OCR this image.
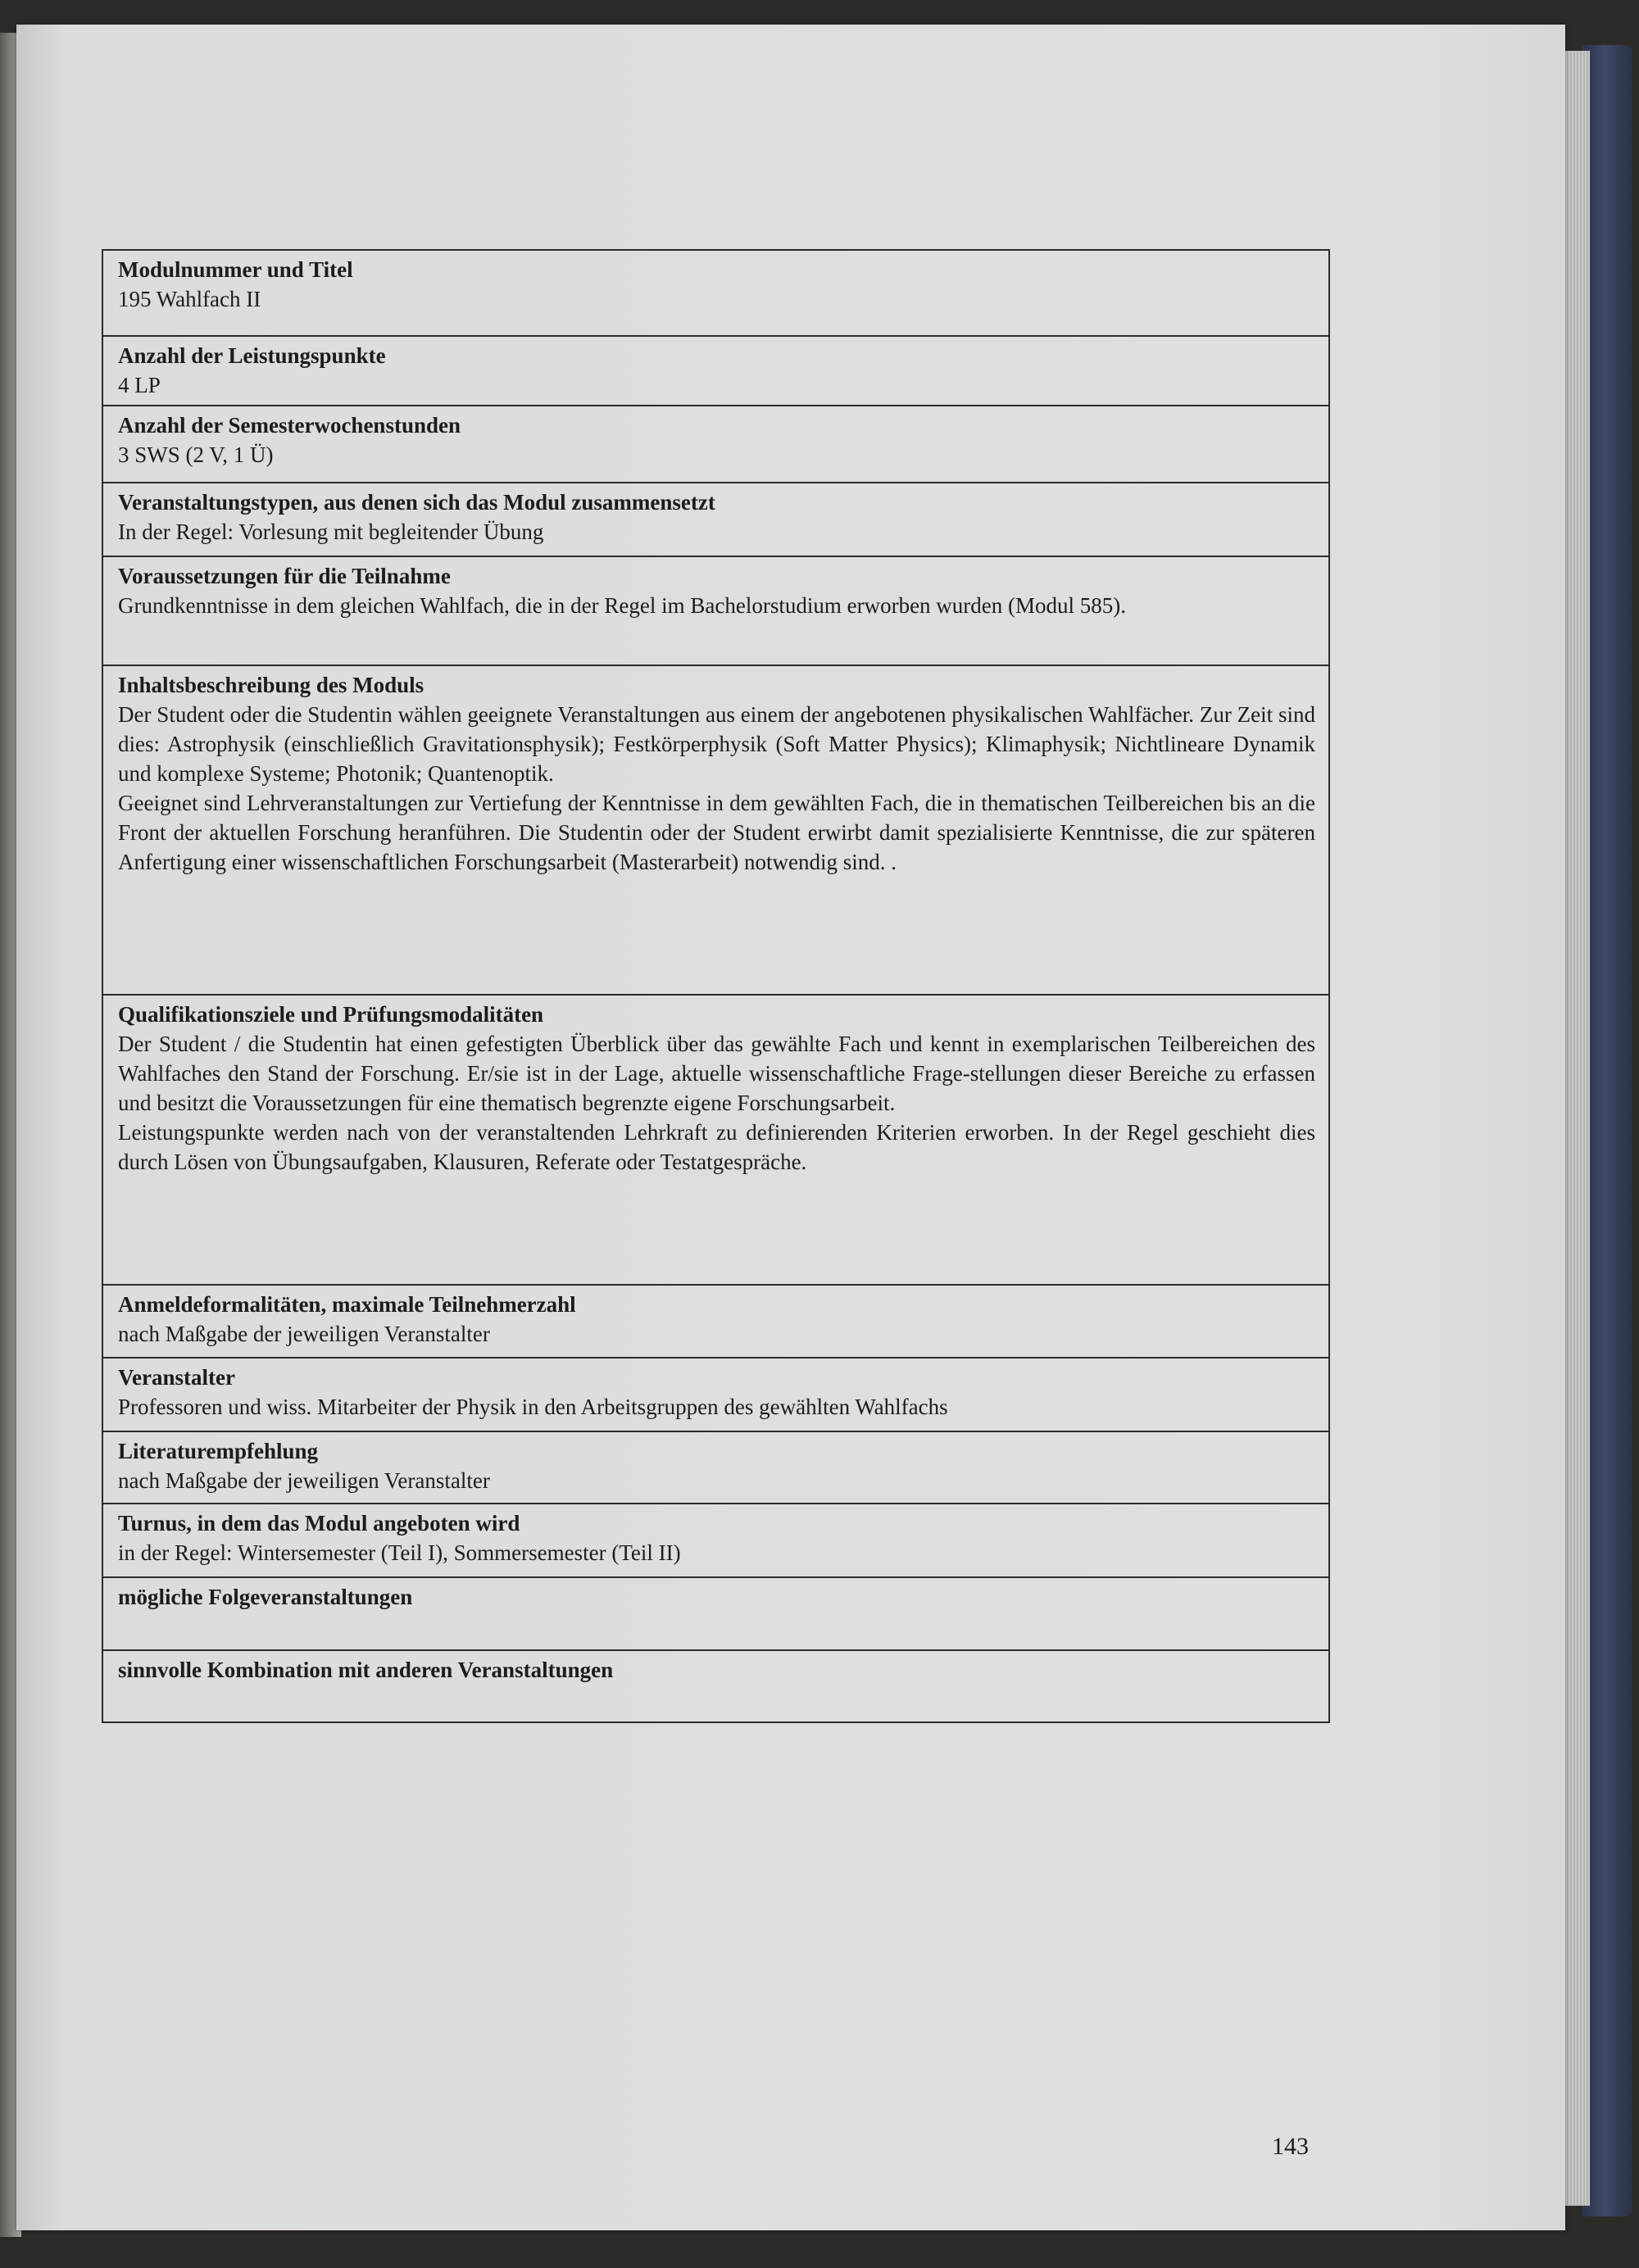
Modulnummer und Titel

195 Wahlfach II

Anzahl der Leistungspunkte

4 LP

Anzahl der Semesterwochenstunden

3 SWS (2 V, 1 Ü)

Veranstaltungstypen, aus denen sich das Modul zusammensetzt

In der Regel: Vorlesung mit begleitender Übung

Voraussetzungen für die Teilnahme

Grundkenntnisse in dem gleichen Wahlfach, die in der Regel im Bachelorstudium erworben wurden (Modul 585).

Inhaltsbeschreibung des Moduls

Der Student oder die Studentin wählen geeignete Veranstaltungen aus einem der angebotenen physikalischen Wahlfächer. Zur Zeit sind dies: Astrophysik (einschließlich Gravitationsphysik); Festkörperphysik (Soft Matter Physics); Klimaphysik; Nichtlineare Dynamik und komplexe Systeme; Photonik; Quantenoptik.

Geeignet sind Lehrveranstaltungen zur Vertiefung der Kenntnisse in dem gewählten Fach, die in thematischen Teilbereichen bis an die Front der aktuellen Forschung heranführen. Die Studentin oder der Student erwirbt damit spezialisierte Kenntnisse, die zur späteren Anfertigung einer wissenschaftlichen Forschungsarbeit (Masterarbeit) notwendig sind. .

Qualifikationsziele und Prüfungsmodalitäten

Der Student / die Studentin hat einen gefestigten Überblick über das gewählte Fach und kennt in exemplarischen Teilbereichen des Wahlfaches den Stand der Forschung. Er/sie ist in der Lage, aktuelle wissenschaftliche Frage-stellungen dieser Bereiche zu erfassen und besitzt die Voraussetzungen für eine thematisch begrenzte eigene Forschungsarbeit.

Leistungspunkte werden nach von der veranstaltenden Lehrkraft zu definierenden Kriterien erworben. In der Regel geschieht dies durch Lösen von Übungsaufgaben, Klausuren, Referate oder Testatgespräche.

Anmeldeformalitäten, maximale Teilnehmerzahl

nach Maßgabe der jeweiligen Veranstalter

Veranstalter

Professoren und wiss. Mitarbeiter der Physik in den Arbeitsgruppen des gewählten Wahlfachs

Literaturempfehlung

nach Maßgabe der jeweiligen Veranstalter

Turnus, in dem das Modul angeboten wird

in der Regel: Wintersemester (Teil I), Sommersemester (Teil II)

mögliche Folgeveranstaltungen
sinnvolle Kombination mit anderen Veranstaltungen
143
